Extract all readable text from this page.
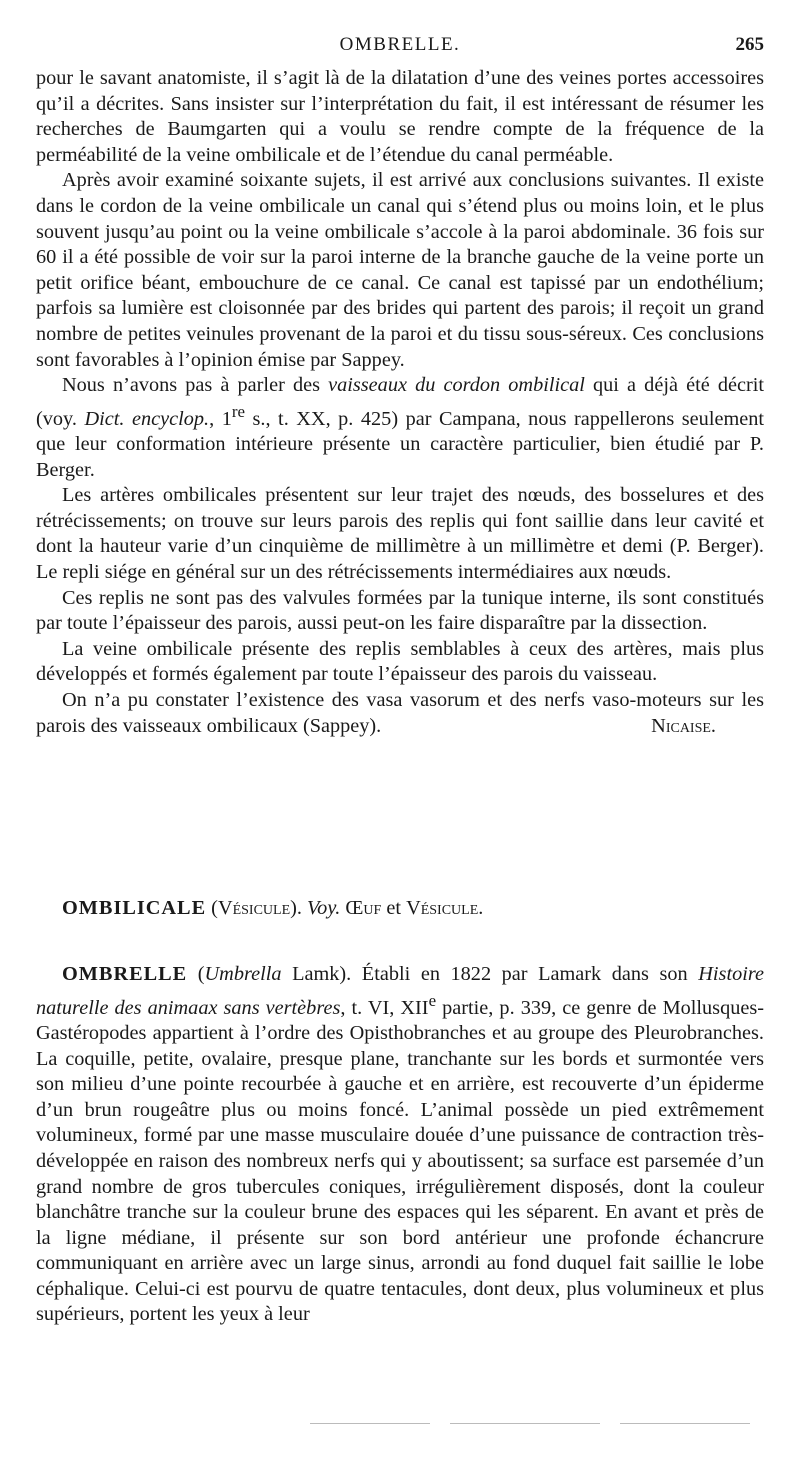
OMBRELLE.	265

pour le savant anatomiste, il s’agit là de la dilatation d’une des veines portes accessoires qu’il a décrites. Sans insister sur l’interprétation du fait, il est intéressant de résumer les recherches de Baumgarten qui a voulu se rendre compte de la fréquence de la perméabilité de la veine ombilicale et de l’étendue du canal perméable.

Après avoir examiné soixante sujets, il est arrivé aux conclusions suivantes. Il existe dans le cordon de la veine ombilicale un canal qui s’étend plus ou moins loin, et le plus souvent jusqu’au point ou la veine ombilicale s’accole à la paroi abdominale. 36 fois sur 60 il a été possible de voir sur la paroi interne de la branche gauche de la veine porte un petit orifice béant, embouchure de ce canal. Ce canal est tapissé par un endothélium; parfois sa lumière est cloisonnée par des brides qui partent des parois; il reçoit un grand nombre de petites veinules provenant de la paroi et du tissu sous-séreux. Ces conclusions sont favorables à l’opinion émise par Sappey.

Nous n’avons pas à parler des vaisseaux du cordon ombilical qui a déjà été décrit (voy. Dict. encyclop., 1re s., t. XX, p. 425) par Campana, nous rappellerons seulement que leur conformation intérieure présente un caractère particulier, bien étudié par P. Berger.

Les artères ombilicales présentent sur leur trajet des nœuds, des bosselures et des rétrécissements; on trouve sur leurs parois des replis qui font saillie dans leur cavité et dont la hauteur varie d’un cinquième de millimètre à un millimètre et demi (P. Berger). Le repli siége en général sur un des rétrécissements intermédiaires aux nœuds.

Ces replis ne sont pas des valvules formées par la tunique interne, ils sont constitués par toute l’épaisseur des parois, aussi peut-on les faire disparaître par la dissection.

La veine ombilicale présente des replis semblables à ceux des artères, mais plus développés et formés également par toute l’épaisseur des parois du vaisseau.

On n’a pu constater l’existence des vasa vasorum et des nerfs vaso-moteurs sur les parois des vaisseaux ombilicaux (Sappey).	Nicaise.

OMBILICALE (Vésicule). Voy. Œuf et Vésicule.

OMBRELLE (Umbrella Lamk). Établi en 1822 par Lamark dans son Histoire naturelle des animaax sans vertèbres, t. VI, XIIe partie, p. 339, ce genre de Mollusques-Gastéropodes appartient à l’ordre des Opisthobranches et au groupe des Pleurobranches. La coquille, petite, ovalaire, presque plane, tranchante sur les bords et surmontée vers son milieu d’une pointe recourbée à gauche et en arrière, est recouverte d’un épiderme d’un brun rougeâtre plus ou moins foncé. L’animal possède un pied extrêmement volumineux, formé par une masse musculaire douée d’une puissance de contraction très-développée en raison des nombreux nerfs qui y aboutissent; sa surface est parsemée d’un grand nombre de gros tubercules coniques, irrégulièrement disposés, dont la couleur blanchâtre tranche sur la couleur brune des espaces qui les séparent. En avant et près de la ligne médiane, il présente sur son bord antérieur une profonde échancrure communiquant en arrière avec un large sinus, arrondi au fond duquel fait saillie le lobe céphalique. Celui-ci est pourvu de quatre tentacules, dont deux, plus volumineux et plus supérieurs, portent les yeux à leur
